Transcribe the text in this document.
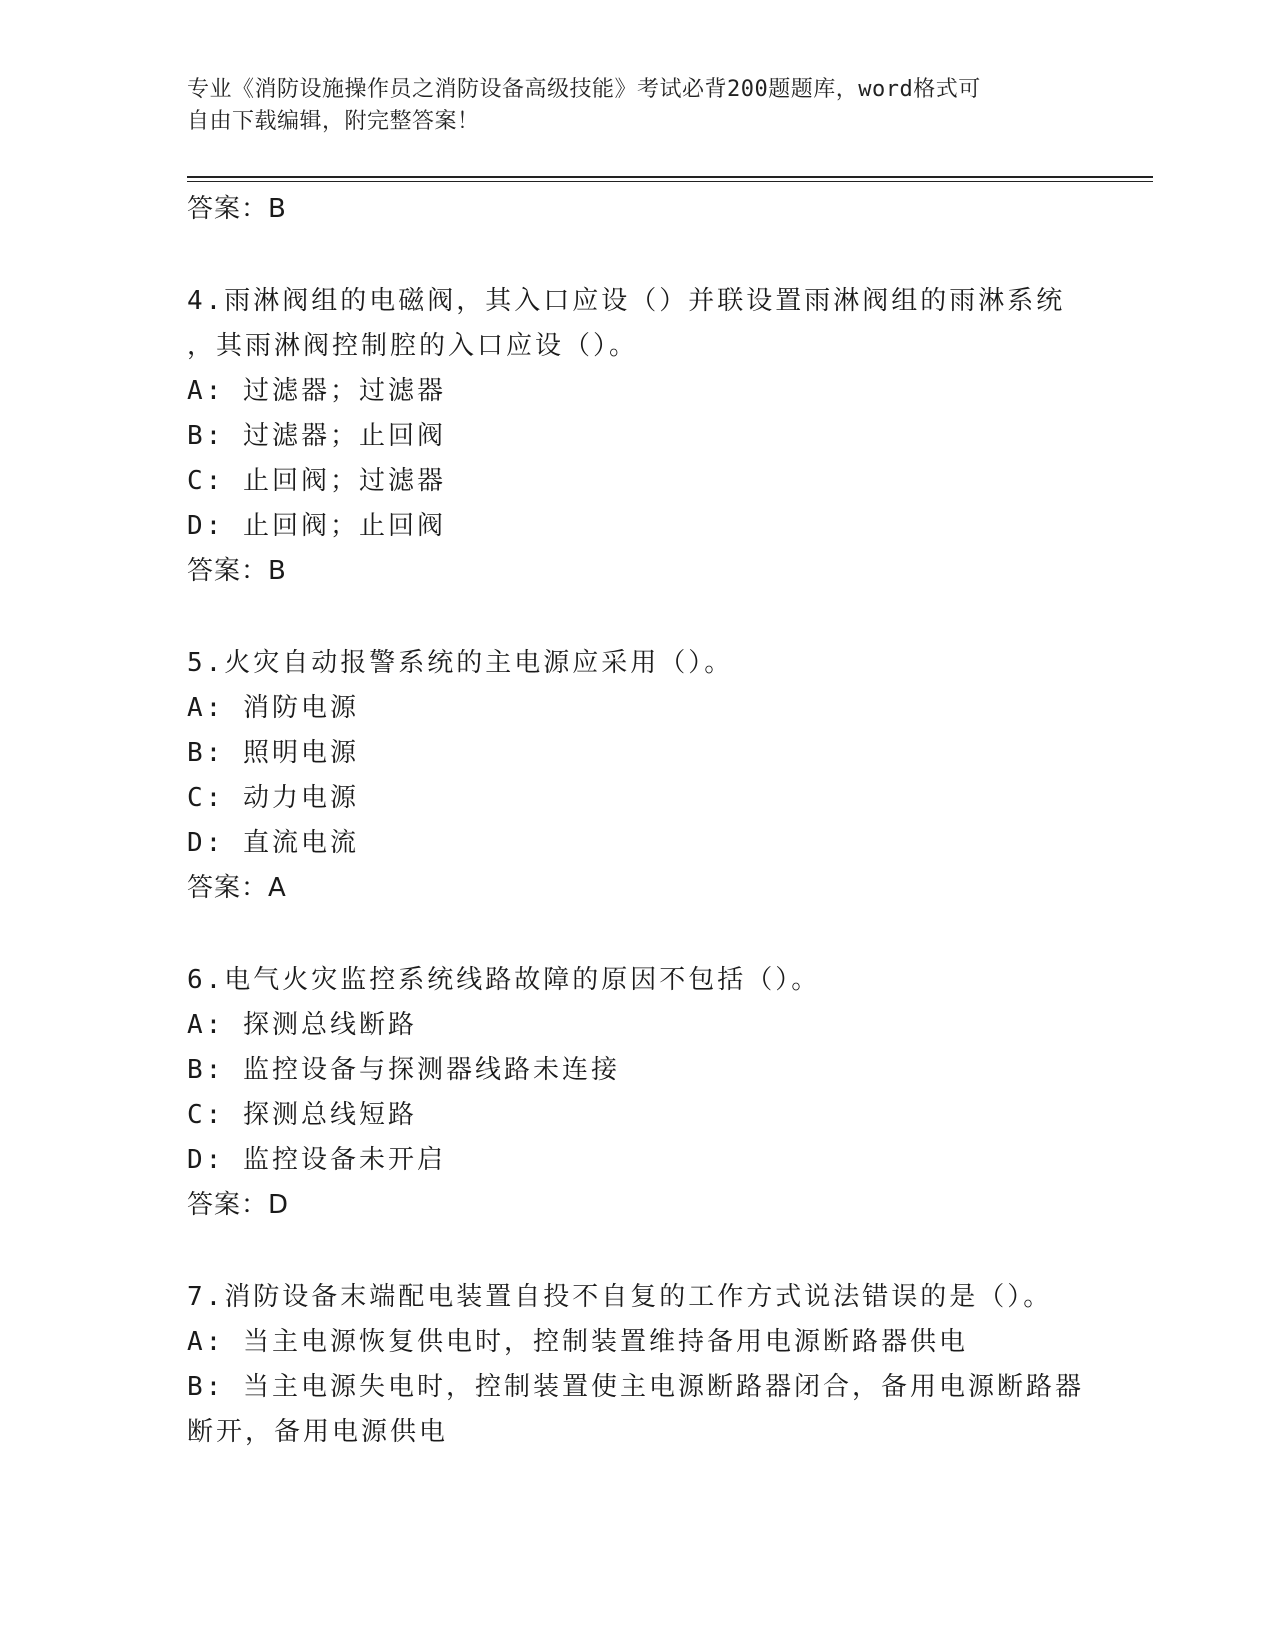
专业《消防设施操作员之消防设备高级技能》考试必背200题题库，word格式可
自由下载编辑，附完整答案！
答案：B
4.雨淋阀组的电磁阀，其入口应设（）并联设置雨淋阀组的雨淋系统
，其雨淋阀控制腔的入口应设（）。
A: 过滤器；过滤器
B: 过滤器；止回阀
C: 止回阀；过滤器
D: 止回阀；止回阀
答案：B
5.火灾自动报警系统的主电源应采用（）。
A: 消防电源
B: 照明电源
C: 动力电源
D: 直流电流
答案：A
6.电气火灾监控系统线路故障的原因不包括（）。
A: 探测总线断路
B: 监控设备与探测器线路未连接
C: 探测总线短路
D: 监控设备未开启
答案：D
7.消防设备末端配电装置自投不自复的工作方式说法错误的是（）。
A: 当主电源恢复供电时，控制装置维持备用电源断路器供电
B: 当主电源失电时，控制装置使主电源断路器闭合，备用电源断路器
断开，备用电源供电
